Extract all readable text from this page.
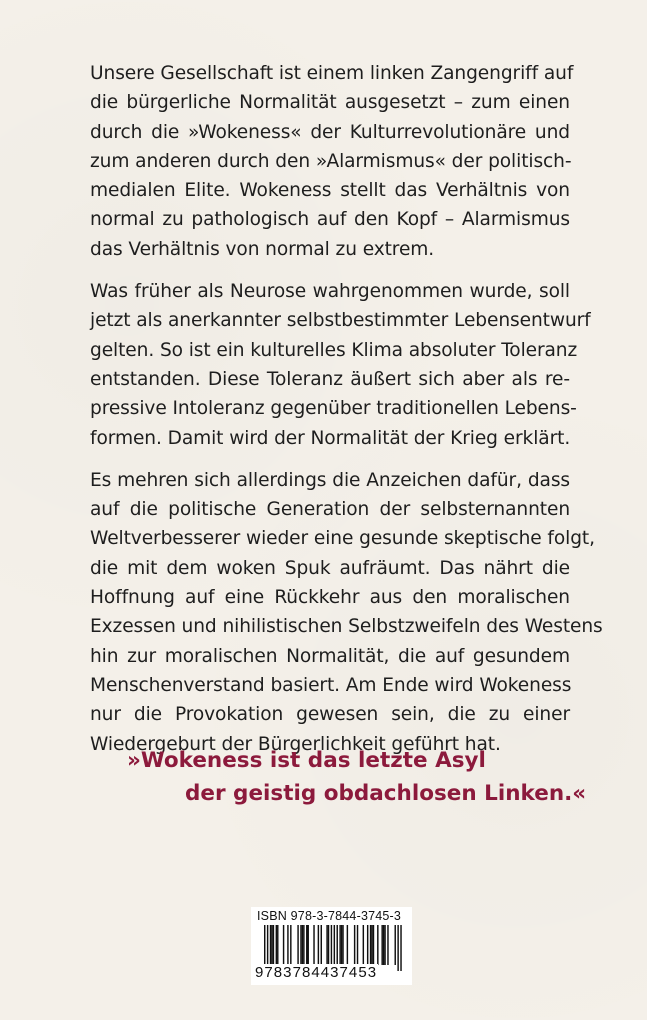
Unsere Gesellschaft ist einem linken Zangengriff auf
die bürgerliche Normalität ausgesetzt – zum einen
durch die »Wokeness« der Kulturrevolutionäre und
zum anderen durch den »Alarmismus« der politisch-
medialen Elite. Wokeness stellt das Verhältnis von
normal zu pathologisch auf den Kopf – Alarmismus
das Verhältnis von normal zu extrem.
Was früher als Neurose wahrgenommen wurde, soll
jetzt als anerkannter selbstbestimmter Lebensentwurf
gelten. So ist ein kulturelles Klima absoluter Toleranz
entstanden. Diese Toleranz äußert sich aber als re-
pressive Intoleranz gegenüber traditionellen Lebens-
formen. Damit wird der Normalität der Krieg erklärt.
Es mehren sich allerdings die Anzeichen dafür, dass
auf die politische Generation der selbsternannten
Weltverbesserer wieder eine gesunde skeptische folgt,
die mit dem woken Spuk aufräumt. Das nährt die
Hoffnung auf eine Rückkehr aus den moralischen
Exzessen und nihilistischen Selbstzweifeln des Westens
hin zur moralischen Normalität, die auf gesundem
Menschenverstand basiert. Am Ende wird Wokeness
nur die Provokation gewesen sein, die zu einer
Wiedergeburt der Bürgerlichkeit geführt hat.
»Wokeness ist das letzte Asyl
der geistig obdachlosen Linken.«
ISBN 978-3-7844-3745-3
9783784437453
